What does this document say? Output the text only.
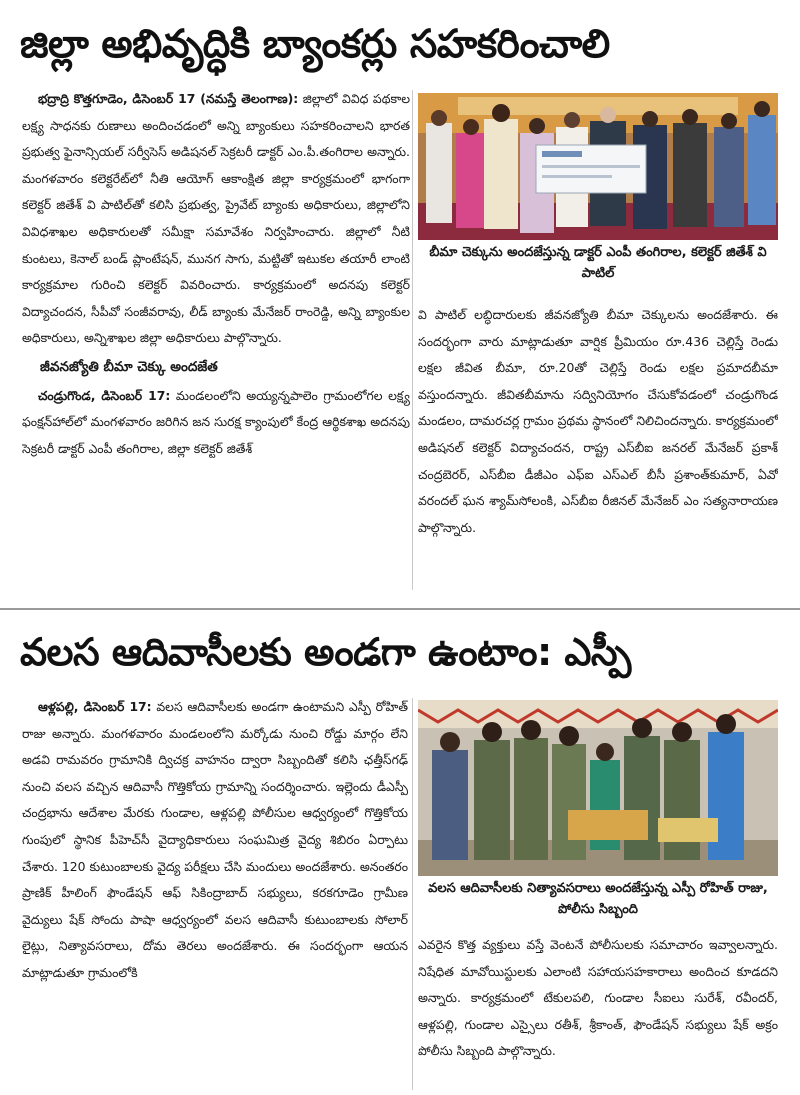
జిల్లా అభివృద్ధికి బ్యాంకర్లు సహకరించాలి

భద్రాద్రి కొత్తగూడెం, డిసెంబర్ 17 (నమస్తే తెలంగాణ): జిల్లాలో వివిధ పథకాల లక్ష్య సాధనకు రుణాలు అందించడంలో అన్ని బ్యాంకులు సహకరించాలని భారత ప్రభుత్వ ఫైనాన్సియల్ సర్వీసెస్ అడిషనల్ సెక్రటరీ డాక్టర్ ఎం.పీ.తంగిరాల అన్నారు. మంగళవారం కలెక్టరేట్‌లో నీతి ఆయోగ్ ఆకాంక్షిత జిల్లా కార్యక్రమంలో భాగంగా కలెక్టర్ జితేశ్ వి పాటిల్‌తో కలిసి ప్రభుత్వ, ప్రైవేట్ బ్యాంకు అధికారులు, జిల్లాలోని వివిధశాఖల అధికారులతో సమీక్షా సమావేశం నిర్వహించారు. జిల్లాలో నీటి కుంటలు, కెనాల్ బండ్ ప్లాంటేషన్, మునగ సాగు, మట్టితో ఇటుకల తయారీ లాంటి కార్యక్రమాల గురించి కలెక్టర్ వివరించారు. కార్యక్రమంలో అదనపు కలెక్టర్ విద్యాచందన, సీపీవో సంజీవరావు, లీడ్ బ్యాంకు మేనేజర్ రాంరెడ్డి, అన్ని బ్యాంకుల అధికారులు, అన్నిశాఖల జిల్లా అధికారులు పాల్గొన్నారు.

జీవనజ్యోతి బీమా చెక్కు అందజేత

చండ్రుగొండ, డిసెంబర్ 17: మండలంలోని అయ్యన్నపాలెం గ్రామంలోగల లక్ష్య ఫంక్షన్‌హాల్‌లో మంగళవారం జరిగిన జన సురక్ష క్యాంపులో కేంద్ర ఆర్థికశాఖ అదనపు సెక్రటరీ డాక్టర్ ఎంపీ తంగిరాల, జిల్లా కలెక్టర్ జితేశ్

బీమా చెక్కును అందజేస్తున్న డాక్టర్ ఎంపీ తంగిరాల, కలెక్టర్ జితేశ్ వి పాటిల్

వి పాటిల్ లబ్ధిదారులకు జీవనజ్యోతి బీమా చెక్కులను అందజేశారు. ఈ సందర్భంగా వారు మాట్లాడుతూ వార్షిక ప్రీమియం రూ.436 చెల్లిస్తే రెండు లక్షల జీవిత బీమా, రూ.20తో చెల్లిస్తే రెండు లక్షల ప్రమాదబీమా వస్తుందన్నారు. జీవితబీమాను సద్వినియోగం చేసుకోవడంలో చండ్రుగొండ మండలం, దామరచర్ల గ్రామం ప్రథమ స్థానంలో నిలిచిందన్నారు. కార్యక్రమంలో అడిషనల్ కలెక్టర్ విద్యాచందన, రాష్ట్ర ఎస్‌బీఐ జనరల్ మేనేజర్ ప్రకాశ్ చంద్రబెరర్, ఎస్‌బీఐ డీజీఎం ఎఫ్‌ఐ ఎస్‌ఎల్ బీసీ ప్రశాంత్‌కుమార్, ఏవో వరందల్ ఘన శ్యామ్‌సోలంకి, ఎస్‌బీఐ రీజినల్ మేనేజర్ ఎం సత్యనారాయణ పాల్గొన్నారు.

వలస ఆదివాసీలకు అండగా ఉంటాం: ఎస్పీ

ఆళ్లపల్లి, డిసెంబర్ 17: వలస ఆదివాసీలకు అండగా ఉంటామని ఎస్పీ రోహిత్ రాజు అన్నారు. మంగళవారం మండలంలోని మర్కోడు నుంచి రోడ్డు మార్గం లేని అడవి రామవరం గ్రామానికి ద్విచక్ర వాహనం ద్వారా సిబ్బందితో కలిసి ఛత్తీస్‌గఢ్ నుంచి వలస వచ్చిన ఆదివాసీ గొత్తికోయ గ్రామాన్ని సందర్శించారు. ఇల్లెందు డీఎస్పీ చంద్రభాను ఆదేశాల మేరకు గుండాల, ఆళ్లపల్లి పోలీసుల ఆధ్వర్యంలో గొత్తికోయ గుంపులో స్థానిక పీహెచ్‌సీ వైద్యాధికారులు సంఘమిత్ర వైద్య శిబిరం ఏర్పాటు చేశారు. 120 కుటుంబాలకు వైద్య పరీక్షలు చేసి మందులు అందజేశారు. అనంతరం ప్రాణిక్ హీలింగ్ ఫౌండేషన్ ఆఫ్ సికింద్రాబాద్ సభ్యులు, కరకగూడెం గ్రామీణ వైద్యులు షేక్ సోందు పాషా ఆధ్వర్యంలో వలస ఆదివాసీ కుటుంబాలకు సోలార్ లైట్లు, నిత్యావసరాలు, దోమ తెరలు అందజేశారు. ఈ సందర్భంగా ఆయన మాట్లాడుతూ గ్రామంలోకి

వలస ఆదివాసీలకు నిత్యావసరాలు అందజేస్తున్న ఎస్పీ రోహిత్ రాజు, పోలీసు సిబ్బంది

ఎవరైన కొత్త వ్యక్తులు వస్తే వెంటనే పోలీసులకు సమాచారం ఇవ్వాలన్నారు. నిషేధిత మావోయిస్టులకు ఎలాంటి సహాయసహకారాలు అందించ కూడదని అన్నారు. కార్యక్రమంలో టేకులపలి, గుండాల సీఐలు సురేశ్, రవీందర్, ఆళ్లపల్లి, గుండాల ఎస్సైలు రతీశ్, శ్రీకాంత్, ఫౌండేషన్ సభ్యులు షేక్ అక్రం పోలీసు సిబ్బంది పాల్గొన్నారు.
